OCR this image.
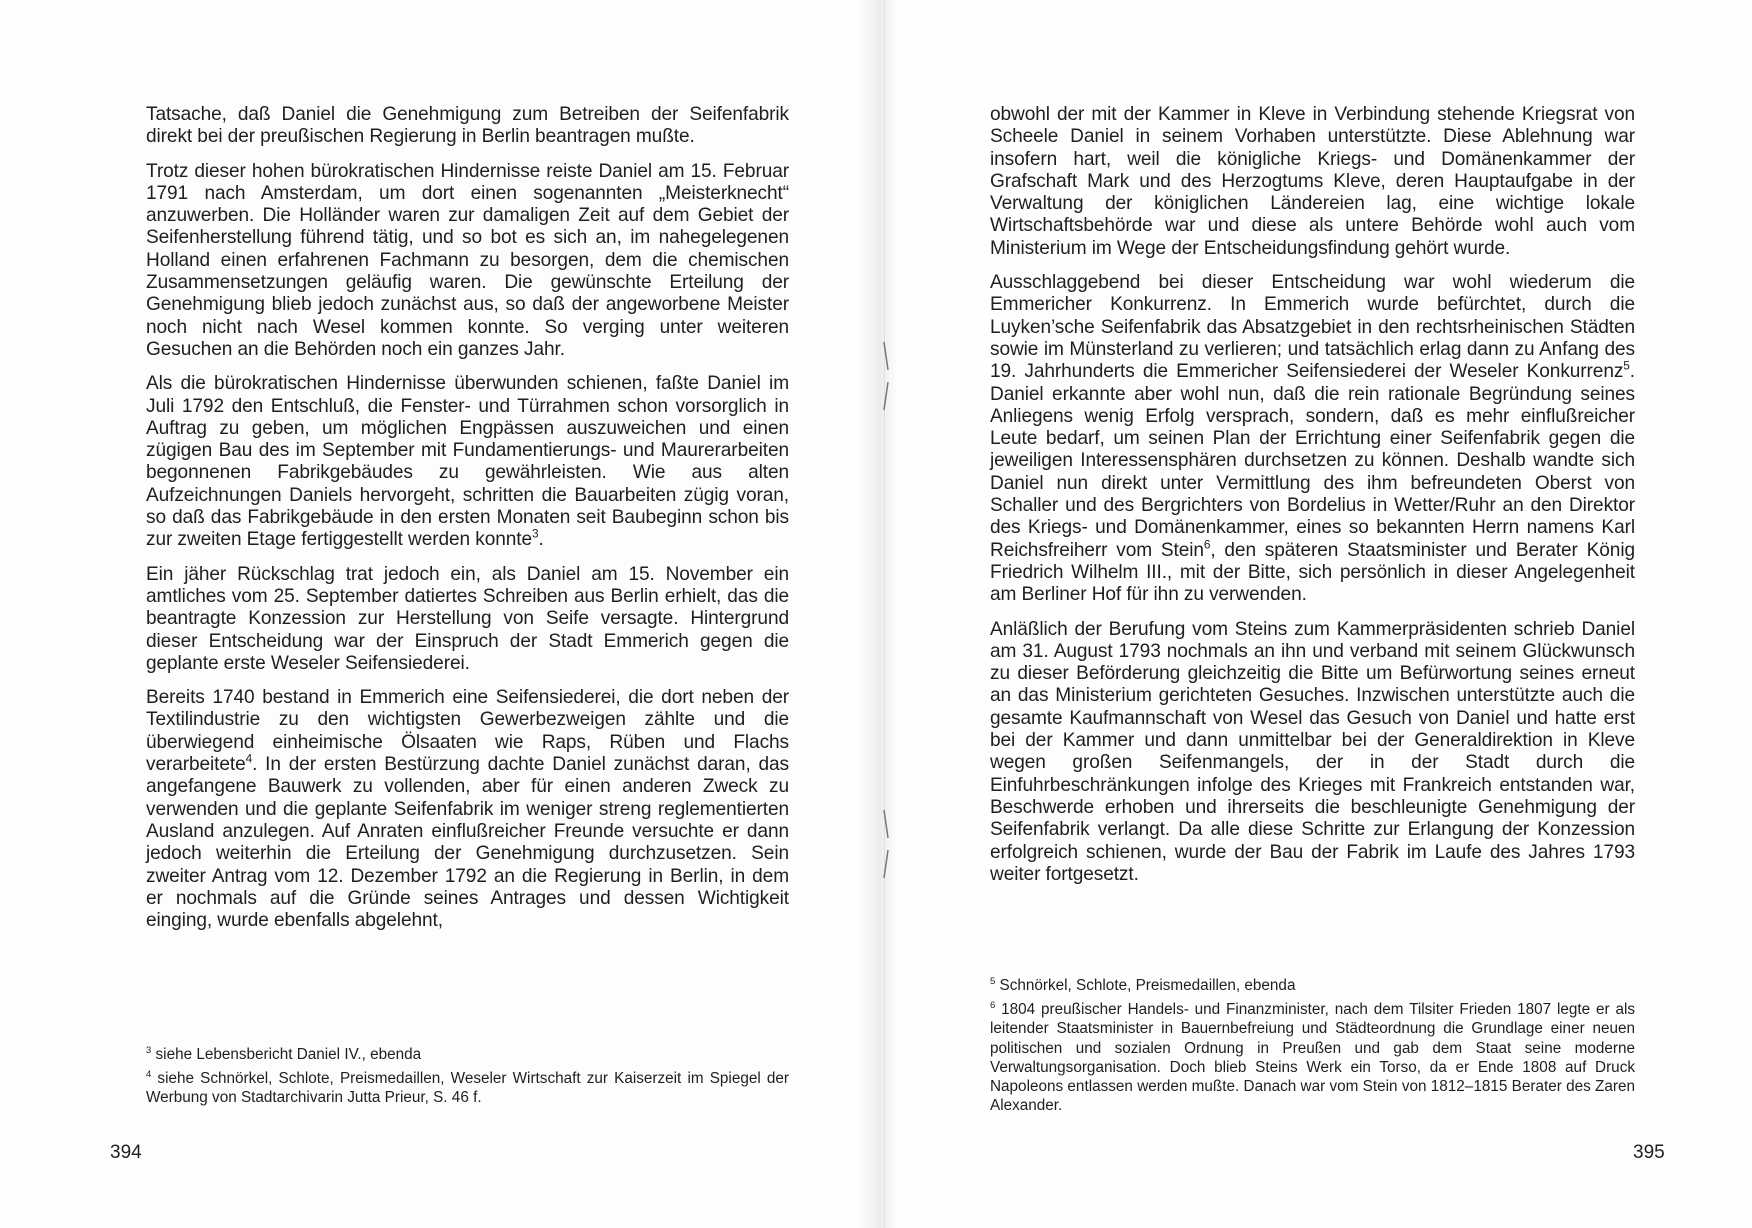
Tatsache, daß Daniel die Genehmigung zum Betreiben der Seifenfabrik direkt bei der preußischen Regierung in Berlin beantragen mußte.

Trotz dieser hohen bürokratischen Hindernisse reiste Daniel am 15. Februar 1791 nach Amsterdam, um dort einen sogenannten „Meisterknecht“ anzuwerben. Die Holländer waren zur damaligen Zeit auf dem Gebiet der Seifenherstellung führend tätig, und so bot es sich an, im nahegelegenen Holland einen erfahrenen Fachmann zu besorgen, dem die chemischen Zusammensetzungen geläufig waren. Die gewünschte Erteilung der Genehmigung blieb jedoch zunächst aus, so daß der angeworbene Meister noch nicht nach Wesel kommen konnte. So verging unter weiteren Gesuchen an die Behörden noch ein ganzes Jahr.

Als die bürokratischen Hindernisse überwunden schienen, faßte Daniel im Juli 1792 den Entschluß, die Fenster- und Türrahmen schon vorsorglich in Auftrag zu geben, um möglichen Engpässen auszuweichen und einen zügigen Bau des im September mit Fundamentierungs- und Maurerarbeiten begonnenen Fabrikgebäudes zu gewährleisten. Wie aus alten Aufzeichnungen Daniels hervorgeht, schritten die Bauarbeiten zügig voran, so daß das Fabrikgebäude in den ersten Monaten seit Baubeginn schon bis zur zweiten Etage fertiggestellt werden konnte$^3$.

Ein jäher Rückschlag trat jedoch ein, als Daniel am 15. November ein amtliches vom 25. September datiertes Schreiben aus Berlin erhielt, das die beantragte Konzession zur Herstellung von Seife versagte. Hintergrund dieser Entscheidung war der Einspruch der Stadt Emmerich gegen die geplante erste Weseler Seifensiederei.

Bereits 1740 bestand in Emmerich eine Seifensiederei, die dort neben der Textilindustrie zu den wichtigsten Gewerbezweigen zählte und die überwiegend einheimische Ölsaaten wie Raps, Rüben und Flachs verarbeitete$^4$. In der ersten Bestürzung dachte Daniel zunächst daran, das angefangene Bauwerk zu vollenden, aber für einen anderen Zweck zu verwenden und die geplante Seifenfabrik im weniger streng reglementierten Ausland anzulegen. Auf Anraten einflußreicher Freunde versuchte er dann jedoch weiterhin die Erteilung der Genehmigung durchzusetzen. Sein zweiter Antrag vom 12. Dezember 1792 an die Regierung in Berlin, in dem er nochmals auf die Gründe seines Antrages und dessen Wichtigkeit einging, wurde ebenfalls abgelehnt,

$^3$ siehe Lebensbericht Daniel IV., ebenda

$^4$ siehe Schnörkel, Schlote, Preismedaillen, Weseler Wirtschaft zur Kaiserzeit im Spiegel der Werbung von Stadtarchivarin Jutta Prieur, S. 46 f.

394

obwohl der mit der Kammer in Kleve in Verbindung stehende Kriegsrat von Scheele Daniel in seinem Vorhaben unterstützte. Diese Ablehnung war insofern hart, weil die königliche Kriegs- und Domänenkammer der Grafschaft Mark und des Herzogtums Kleve, deren Hauptaufgabe in der Verwaltung der königlichen Ländereien lag, eine wichtige lokale Wirtschaftsbehörde war und diese als untere Behörde wohl auch vom Ministerium im Wege der Entscheidungsfindung gehört wurde.

Ausschlaggebend bei dieser Entscheidung war wohl wiederum die Emmericher Konkurrenz. In Emmerich wurde befürchtet, durch die Luyken’sche Seifenfabrik das Absatzgebiet in den rechtsrheinischen Städten sowie im Münsterland zu verlieren; und tatsächlich erlag dann zu Anfang des 19. Jahrhunderts die Emmericher Seifensiederei der Weseler Konkurrenz$^5$. Daniel erkannte aber wohl nun, daß die rein rationale Begründung seines Anliegens wenig Erfolg versprach, sondern, daß es mehr einflußreicher Leute bedarf, um seinen Plan der Errichtung einer Seifenfabrik gegen die jeweiligen Interessensphären durchsetzen zu können. Deshalb wandte sich Daniel nun direkt unter Vermittlung des ihm befreundeten Oberst von Schaller und des Bergrichters von Bordelius in Wetter/Ruhr an den Direktor des Kriegs- und Domänenkammer, eines so bekannten Herrn namens Karl Reichsfreiherr vom Stein$^6$, den späteren Staatsminister und Berater König Friedrich Wilhelm III., mit der Bitte, sich persönlich in dieser Angelegenheit am Berliner Hof für ihn zu verwenden.

Anläßlich der Berufung vom Steins zum Kammerpräsidenten schrieb Daniel am 31. August 1793 nochmals an ihn und verband mit seinem Glückwunsch zu dieser Beförderung gleichzeitig die Bitte um Befürwortung seines erneut an das Ministerium gerichteten Gesuches. Inzwischen unterstützte auch die gesamte Kaufmannschaft von Wesel das Gesuch von Daniel und hatte erst bei der Kammer und dann unmittelbar bei der Generaldirektion in Kleve wegen großen Seifenmangels, der in der Stadt durch die Einfuhrbeschränkungen infolge des Krieges mit Frankreich entstanden war, Beschwerde erhoben und ihrerseits die beschleunigte Genehmigung der Seifenfabrik verlangt. Da alle diese Schritte zur Erlangung der Konzession erfolgreich schienen, wurde der Bau der Fabrik im Laufe des Jahres 1793 weiter fortgesetzt.

$^5$ Schnörkel, Schlote, Preismedaillen, ebenda

$^6$ 1804 preußischer Handels- und Finanzminister, nach dem Tilsiter Frieden 1807 legte er als leitender Staatsminister in Bauernbefreiung und Städteordnung die Grundlage einer neuen politischen und sozialen Ordnung in Preußen und gab dem Staat seine moderne Verwaltungsorganisation. Doch blieb Steins Werk ein Torso, da er Ende 1808 auf Druck Napoleons entlassen werden mußte. Danach war vom Stein von 1812–1815 Berater des Zaren Alexander.

395
